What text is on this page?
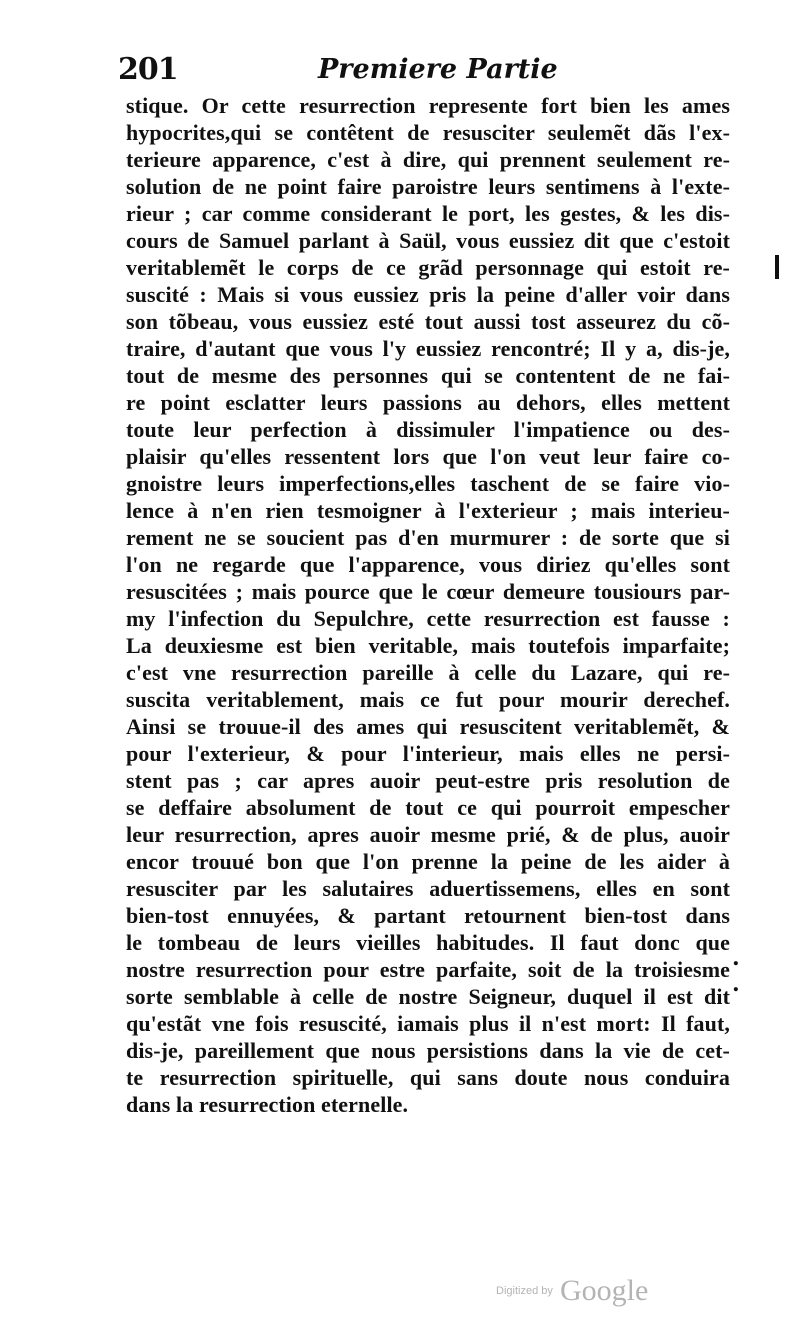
201	Premiere Partie
stique. Or cette resurrection represente fort bien les ames
hypocrites,qui se contêtent de resusciter seulemẽt dãs l'ex-
terieure apparence, c'est à dire, qui prennent seulement re-
solution de ne point faire paroistre leurs sentimens à l'exte-
rieur ; car comme considerant le port, les gestes, & les dis-
cours de Samuel parlant à Saül, vous eussiez dit que c'estoit
veritablemẽt le corps de ce grãd personnage qui estoit re-
suscité : Mais si vous eussiez pris la peine d'aller voir dans
son tõbeau, vous eussiez esté tout aussi tost asseurez du cõ-
traire, d'autant que vous l'y eussiez rencontré; Il y a, dis-je,
tout de mesme des personnes qui se contentent de ne fai-
re point esclatter leurs passions au dehors, elles mettent
toute leur perfection à dissimuler l'impatience ou des-
plaisir qu'elles ressentent lors que l'on veut leur faire co-
gnoistre leurs imperfections,elles taschent de se faire vio-
lence à n'en rien tesmoigner à l'exterieur ; mais interieu-
rement ne se soucient pas d'en murmurer : de sorte que si
l'on ne regarde que l'apparence, vous diriez qu'elles sont
resuscitées ; mais pource que le cœur demeure tousiours par-
my l'infection du Sepulchre, cette resurrection est fausse :
La deuxiesme est bien veritable, mais toutefois imparfaite;
c'est vne resurrection pareille à celle du Lazare, qui re-
suscita veritablement, mais ce fut pour mourir derechef.
Ainsi se trouue-il des ames qui resuscitent veritablemẽt, &
pour l'exterieur, & pour l'interieur, mais elles ne persi-
stent pas ; car apres auoir peut-estre pris resolution de
se deffaire absolument de tout ce qui pourroit empescher
leur resurrection, apres auoir mesme prié, & de plus, auoir
encor trouué bon que l'on prenne la peine de les aider à
resusciter par les salutaires aduertissemens, elles en sont
bien-tost ennuyées, & partant retournent bien-tost dans
le tombeau de leurs vieilles habitudes. Il faut donc que
nostre resurrection pour estre parfaite, soit de la troisiesme
sorte semblable à celle de nostre Seigneur, duquel il est dit
qu'estãt vne fois resuscité, iamais plus il n'est mort: Il faut,
dis-je, pareillement que nous persistions dans la vie de cet-
te resurrection spirituelle, qui sans doute nous conduira
dans la resurrection eternelle.
. .
Digitized by Google
